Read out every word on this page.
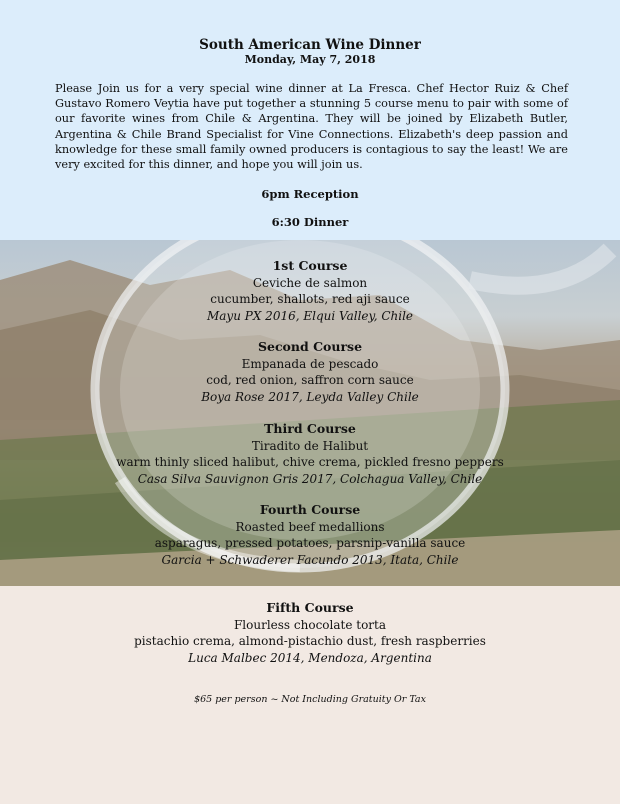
South American Wine Dinner
Monday, May 7, 2018
Please Join us for a very special wine dinner at La Fresca. Chef Hector Ruiz & Chef Gustavo Romero Veytia have put together a stunning 5 course menu to pair with some of our favorite wines from Chile & Argentina. They will be joined by Elizabeth Butler, Argentina & Chile Brand Specialist for Vine Connections. Elizabeth's deep passion and knowledge for these small family owned producers is contagious to say the least! We are very excited for this dinner, and hope you will join us.
6pm Reception
6:30 Dinner
1st Course
Ceviche de salmon
cucumber, shallots, red aji sauce
Mayu PX 2016, Elqui Valley, Chile
Second Course
Empanada de pescado
cod, red onion, saffron corn sauce
Boya Rose 2017, Leyda Valley Chile
Third Course
Tiradito de Halibut
warm thinly sliced halibut, chive crema, pickled fresno peppers
Casa Silva Sauvignon Gris 2017, Colchagua Valley, Chile
Fourth Course
Roasted beef medallions
asparagus, pressed potatoes, parsnip-vanilla sauce
Garcia + Schwaderer Facundo 2013, Itata, Chile
Fifth Course
Flourless chocolate torta
pistachio crema, almond-pistachio dust, fresh raspberries
Luca Malbec 2014, Mendoza, Argentina
$65 per person ~ Not Including Gratuity Or Tax
